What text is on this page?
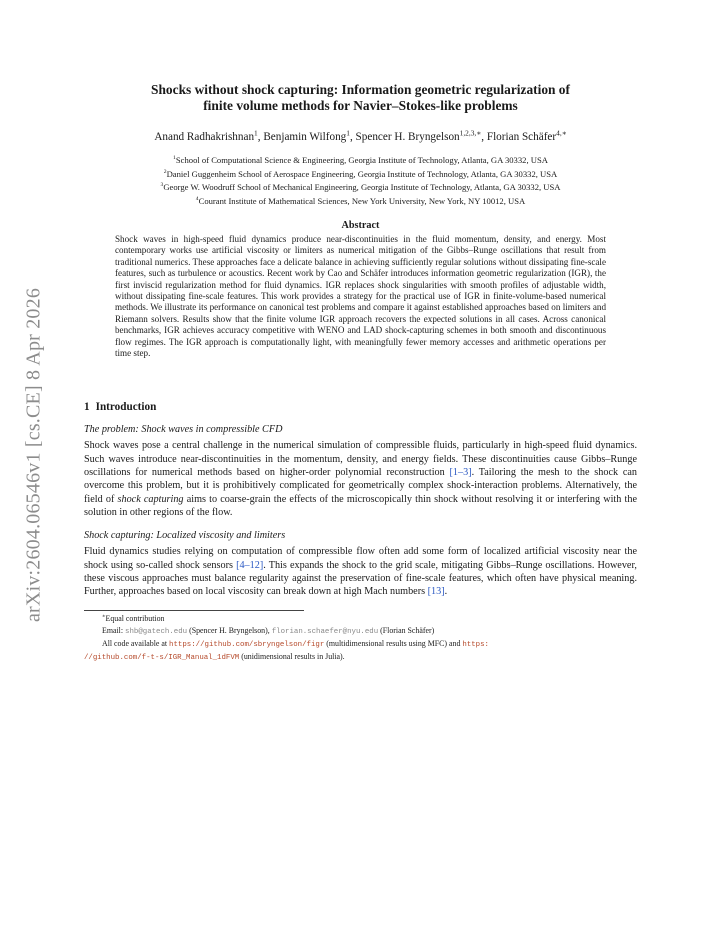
arXiv:2604.06546v1 [cs.CE] 8 Apr 2026
Shocks without shock capturing: Information geometric regularization of
finite volume methods for Navier–Stokes-like problems
Anand Radhakrishnan$^1$, Benjamin Wilfong$^1$, Spencer H. Bryngelson$^{1,2,3,∗}$, Florian Schäfer$^{4,∗}$
$^1$School of Computational Science & Engineering, Georgia Institute of Technology, Atlanta, GA 30332, USA
$^2$Daniel Guggenheim School of Aerospace Engineering, Georgia Institute of Technology, Atlanta, GA 30332, USA
$^3$George W. Woodruff School of Mechanical Engineering, Georgia Institute of Technology, Atlanta, GA 30332, USA
$^4$Courant Institute of Mathematical Sciences, New York University, New York, NY 10012, USA
Abstract
Shock waves in high-speed fluid dynamics produce near-discontinuities in the fluid momentum, density, and energy. Most contemporary works use artificial viscosity or limiters as numerical mitigation of the Gibbs–Runge oscillations that result from traditional numerics. These approaches face a delicate balance in achieving sufficiently regular solutions without dissipating fine-scale features, such as turbulence or acoustics. Recent work by Cao and Schäfer introduces information geometric regularization (IGR), the first inviscid regularization method for fluid dynamics. IGR replaces shock singularities with smooth profiles of adjustable width, without dissipating fine-scale features. This work provides a strategy for the practical use of IGR in finite-volume-based numerical methods. We illustrate its performance on canonical test problems and compare it against established approaches based on limiters and Riemann solvers. Results show that the finite volume IGR approach recovers the expected solutions in all cases. Across canonical benchmarks, IGR achieves accuracy competitive with WENO and LAD shock-capturing schemes in both smooth and discontinuous flow regimes. The IGR approach is computationally light, with meaningfully fewer memory accesses and arithmetic operations per time step.
1 Introduction
The problem: Shock waves in compressible CFD
Shock waves pose a central challenge in the numerical simulation of compressible fluids, particularly in high-speed fluid dynamics. Such waves introduce near-discontinuities in the momentum, density, and energy fields. These discontinuities cause Gibbs–Runge oscillations for numerical methods based on higher-order polynomial reconstruction [1–3]. Tailoring the mesh to the shock can overcome this problem, but it is prohibitively complicated for geometrically complex shock-interaction problems. Alternatively, the field of shock capturing aims to coarse-grain the effects of the microscopically thin shock without resolving it or interfering with the solution in other regions of the flow.
Shock capturing: Localized viscosity and limiters
Fluid dynamics studies relying on computation of compressible flow often add some form of localized artificial viscosity near the shock using so-called shock sensors [4–12]. This expands the shock to the grid scale, mitigating Gibbs–Runge oscillations. However, these viscous approaches must balance regularity against the preservation of fine-scale features, which often have physical meaning. Further, approaches based on local viscosity can break down at high Mach numbers [13].
∗Equal contribution
Email: shb@gatech.edu (Spencer H. Bryngelson), florian.schaefer@nyu.edu (Florian Schäfer)
All code available at https://github.com/sbryngelson/figr (multidimensional results using MFC) and https:
//github.com/f-t-s/IGR_Manual_1dFVM (unidimensional results in Julia).
